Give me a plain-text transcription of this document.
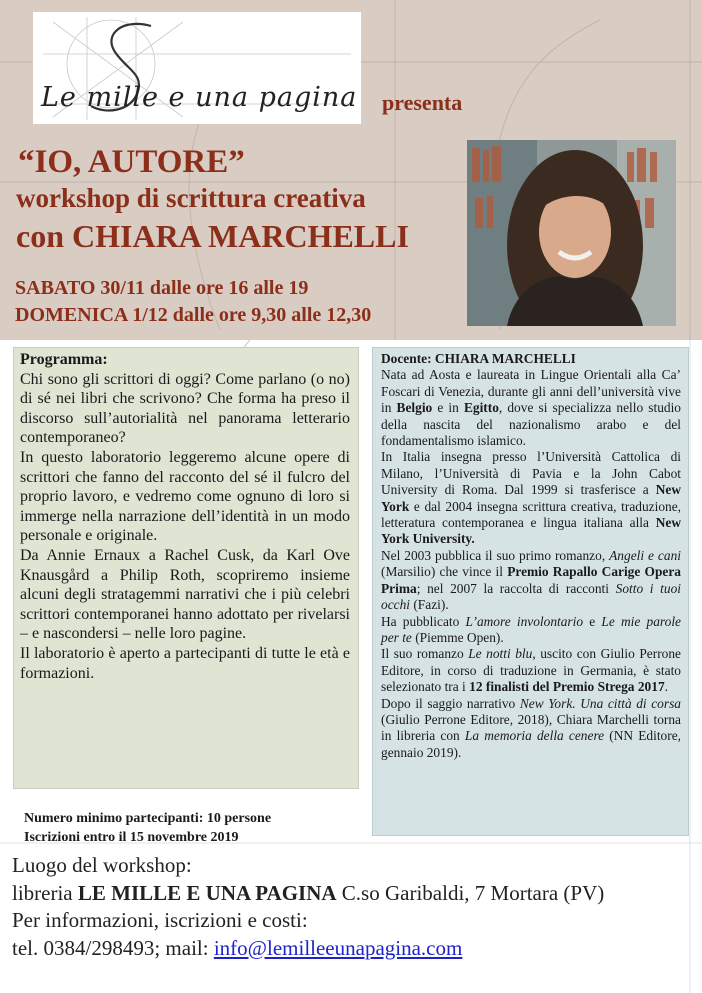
Le mille e una pagina presenta
“IO, AUTORE”
workshop di scrittura creativa
con CHIARA MARCHELLI
SABATO 30/11 dalle ore 16 alle 19
DOMENICA 1/12 dalle ore 9,30 alle 12,30

Programma:

Chi sono gli scrittori di oggi? Come parlano (o no) di sé nei libri che scrivono? Che forma ha preso il discorso sull’autorialità nel panorama letterario contemporaneo?

In questo laboratorio leggeremo alcune opere di scrittori che fanno del racconto del sé il fulcro del proprio lavoro, e vedremo come ognuno di loro si immerge nella narrazione dell’identità in un modo personale e originale.

Da Annie Ernaux a Rachel Cusk, da Karl Ove Knausgård a Philip Roth, scopriremo insieme alcuni degli stratagemmi narrativi che i più celebri scrittori contemporanei hanno adottato per rivelarsi – e nascondersi – nelle loro pagine.

Il laboratorio è aperto a partecipanti di tutte le età e formazioni.

Numero minimo partecipanti: 10 persone
Iscrizioni entro il 15 novembre 2019

Docente: CHIARA MARCHELLI

Nata ad Aosta e laureata in Lingue Orientali alla Ca’ Foscari di Venezia, durante gli anni dell’università vive in Belgio e in Egitto, dove si specializza nello studio della nascita del nazionalismo arabo e del fondamentalismo islamico.

In Italia insegna presso l’Università Cattolica di Milano, l’Università di Pavia e la John Cabot University di Roma. Dal 1999 si trasferisce a New York e dal 2004 insegna scrittura creativa, traduzione, letteratura contemporanea e lingua italiana alla New York University.

Nel 2003 pubblica il suo primo romanzo, Angeli e cani (Marsilio) che vince il Premio Rapallo Carige Opera Prima; nel 2007 la raccolta di racconti Sotto i tuoi occhi (Fazi).

Ha pubblicato L’amore involontario e Le mie parole per te (Piemme Open).

Il suo romanzo Le notti blu, uscito con Giulio Perrone Editore, in corso di traduzione in Germania, è stato selezionato tra i 12 finalisti del Premio Strega 2017.

Dopo il saggio narrativo New York. Una città di corsa (Giulio Perrone Editore, 2018), Chiara Marchelli torna in libreria con La memoria della cenere (NN Editore, gennaio 2019).

Luogo del workshop:
libreria LE MILLE E UNA PAGINA C.so Garibaldi, 7 Mortara (PV)
Per informazioni, iscrizioni e costi:
tel. 0384/298493; mail: info@lemilleeunapagina.com
